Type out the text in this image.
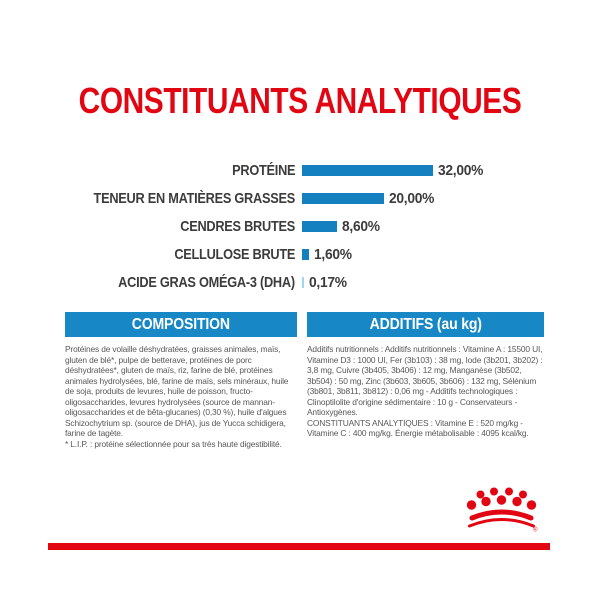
CONSTITUANTS ANALYTIQUES
PROTÉINE	32,00%
TENEUR EN MATIÈRES GRASSES	20,00%
CENDRES BRUTES	8,60%
CELLULOSE BRUTE 1,60%
ACIDE GRAS OMÉGA-3 (DHA) 0,17%
COMPOSITION

Protéines de volaille déshydratées, graisses animales, maïs, gluten de blé*, pulpe de betterave, protéines de porc déshydratées*, gluten de maïs, riz, farine de blé, protéines animales hydrolysées, blé, farine de maïs, sels minéraux, huile de soja, produits de levures, huile de poisson, fructo-oligosaccharides, levures hydrolysées (source de mannan-oligosaccharides et de bêta-glucanes) (0,30 %), huile d'algues Schizochytrium sp. (source de DHA), jus de Yucca schidigera, farine de tagète.

* L.I.P. : protéine sélectionnée pour sa très haute digestibilité.

ADDITIFS (au kg)

Additifs nutritionnels : Additifs nutritionnels : Vitamine A : 15500 UI, Vitamine D3 : 1000 UI, Fer (3b103) : 38 mg, Iode (3b201, 3b202) : 3,8 mg, Cuivre (3b405, 3b406) : 12 mg, Manganèse (3b502, 3b504) : 50 mg, Zinc (3b603, 3b605, 3b606) : 132 mg, Sélénium (3b801, 3b811, 3b812) : 0,06 mg - Additifs technologiques : Clinoptilolite d'origine sédimentaire : 10 g - Conservateurs - Antioxygènes.

CONSTITUANTS ANALYTIQUES : Vitamine E : 520 mg/kg - Vitamine C : 400 mg/kg. Énergie métabolisable : 4095 kcal/kg.

®
